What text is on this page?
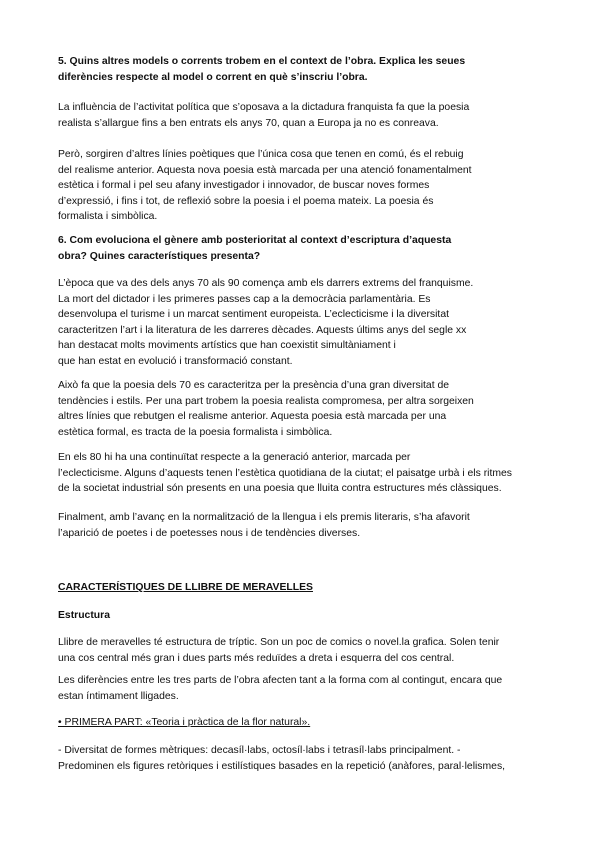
5. Quins altres models o corrents trobem en el context de l’obra. Explica les seues
diferències respecte al model o corrent en què s’inscriu l’obra.

La influència de l’activitat política que s’oposava a la dictadura franquista fa que la poesia
realista s’allargue fins a ben entrats els anys 70, quan a Europa ja no es conreava.

Però, sorgiren d’altres línies poètiques que l’única cosa que tenen en comú, és el rebuig
del realisme anterior. Aquesta nova poesia està marcada per una atenció fonamentalment
estètica i formal i pel seu afany investigador i innovador, de buscar noves formes
d’expressió, i fins i tot, de reflexió sobre la poesia i el poema mateix. La poesia és
formalista i simbòlica.

6. Com evoluciona el gènere amb posterioritat al context d’escriptura d’aquesta
obra? Quines característiques presenta?

L’època que va des dels anys 70 als 90 comença amb els darrers extrems del franquisme.
La mort del dictador i les primeres passes cap a la democràcia parlamentària. Es
desenvolupa el turisme i un marcat sentiment europeista. L’eclecticisme i la diversitat
caracteritzen l’art i la literatura de les darreres dècades. Aquests últims anys del segle xx
han destacat molts moviments artístics que han coexistit simultàniament i
que han estat en evolució i transformació constant.

Això fa que la poesia dels 70 es caracteritza per la presència d’una gran diversitat de
tendències i estils. Per una part trobem la poesia realista compromesa, per altra sorgeixen
altres línies que rebutgen el realisme anterior. Aquesta poesia està marcada per una
estètica formal, es tracta de la poesia formalista i simbòlica.

En els 80 hi ha una continuïtat respecte a la generació anterior, marcada per
l’eclecticisme. Alguns d’aquests tenen l’estètica quotidiana de la ciutat; el paisatge urbà i els ritmes
de la societat industrial són presents en una poesia que lluita contra estructures més clàssiques.

Finalment, amb l’avanç en la normalització de la llengua i els premis literaris, s’ha afavorit
l’aparició de poetes i de poetesses nous i de tendències diverses.

CARACTERÍSTIQUES DE LLIBRE DE MERAVELLES

Estructura

Llibre de meravelles té estructura de tríptic. Son un poc de comics o novel.la grafica. Solen tenir
una cos central més gran i dues parts més reduïdes a dreta i esquerra del cos central.

Les diferències entre les tres parts de l’obra afecten tant a la forma com al contingut, encara que
estan íntimament lligades.

• PRIMERA PART: «Teoria i pràctica de la flor natural».

- Diversitat de formes mètriques: decasíl·labs, octosíl·labs i tetrasíl·labs principalment. -
Predominen els figures retòriques i estilístiques basades en la repetició (anàfores, paral·lelismes,
